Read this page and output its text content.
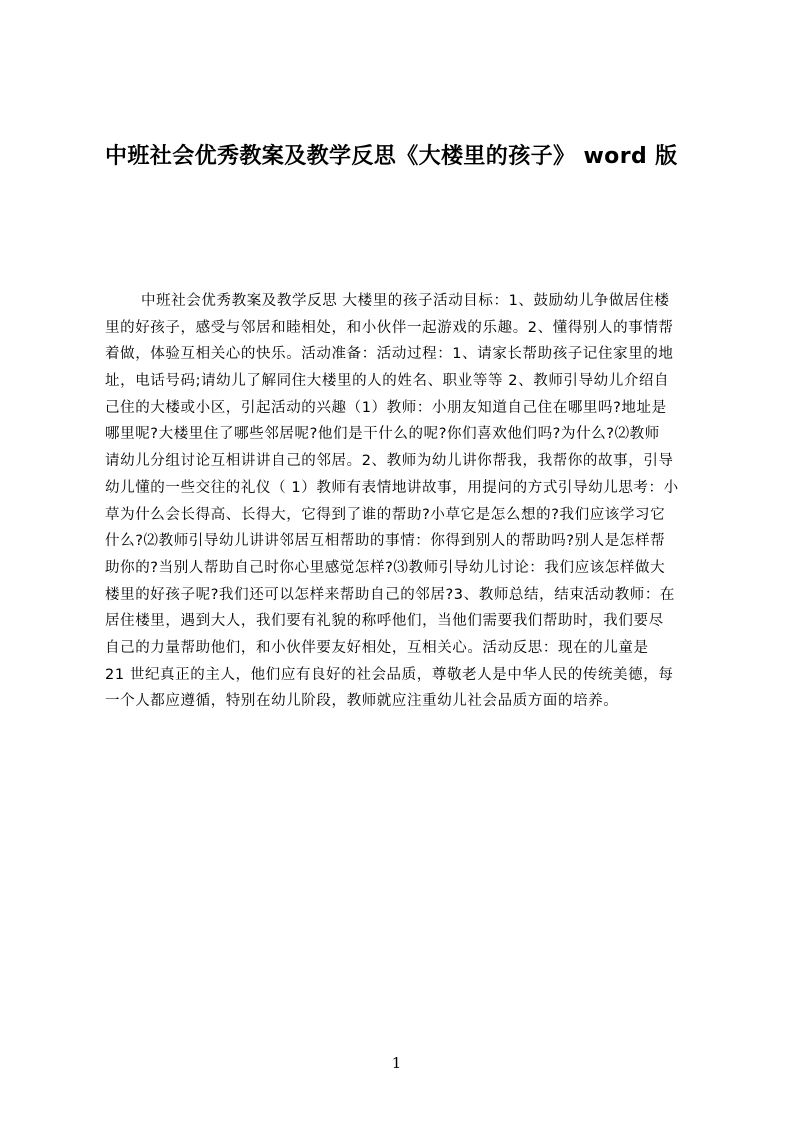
中班社会优秀教案及教学反思《大楼里的孩子》 word 版
中班社会优秀教案及教学反思 大楼里的孩子活动目标：1、鼓励幼儿争做居住楼
里的好孩子，感受与邻居和睦相处，和小伙伴一起游戏的乐趣。2、懂得别人的事情帮
着做，体验互相关心的快乐。活动准备：活动过程：1、请家长帮助孩子记住家里的地
址，电话号码;请幼儿了解同住大楼里的人的姓名、职业等等 2、教师引导幼儿介绍自
己住的大楼或小区，引起活动的兴趣（1）教师：小朋友知道自己住在哪里吗?地址是
哪里呢?大楼里住了哪些邻居呢?他们是干什么的呢?你们喜欢他们吗?为什么?⑵教师
请幼儿分组讨论互相讲讲自己的邻居。2、教师为幼儿讲你帮我，我帮你的故事，引导
幼儿懂的一些交往的礼仪（ 1）教师有表情地讲故事，用提问的方式引导幼儿思考：小
草为什么会长得高、长得大，它得到了谁的帮助?小草它是怎么想的?我们应该学习它
什么?⑵教师引导幼儿讲讲邻居互相帮助的事情：你得到别人的帮助吗?别人是怎样帮
助你的?当别人帮助自己时你心里感觉怎样?⑶教师引导幼儿讨论：我们应该怎样做大
楼里的好孩子呢?我们还可以怎样来帮助自己的邻居?3、教师总结，结束活动教师：在
居住楼里，遇到大人，我们要有礼貌的称呼他们，当他们需要我们帮助时，我们要尽
自己的力量帮助他们，和小伙伴要友好相处，互相关心。活动反思：现在的儿童是
21 世纪真正的主人，他们应有良好的社会品质，尊敬老人是中华人民的传统美德，每
一个人都应遵循，特别在幼儿阶段，教师就应注重幼儿社会品质方面的培养。
1
